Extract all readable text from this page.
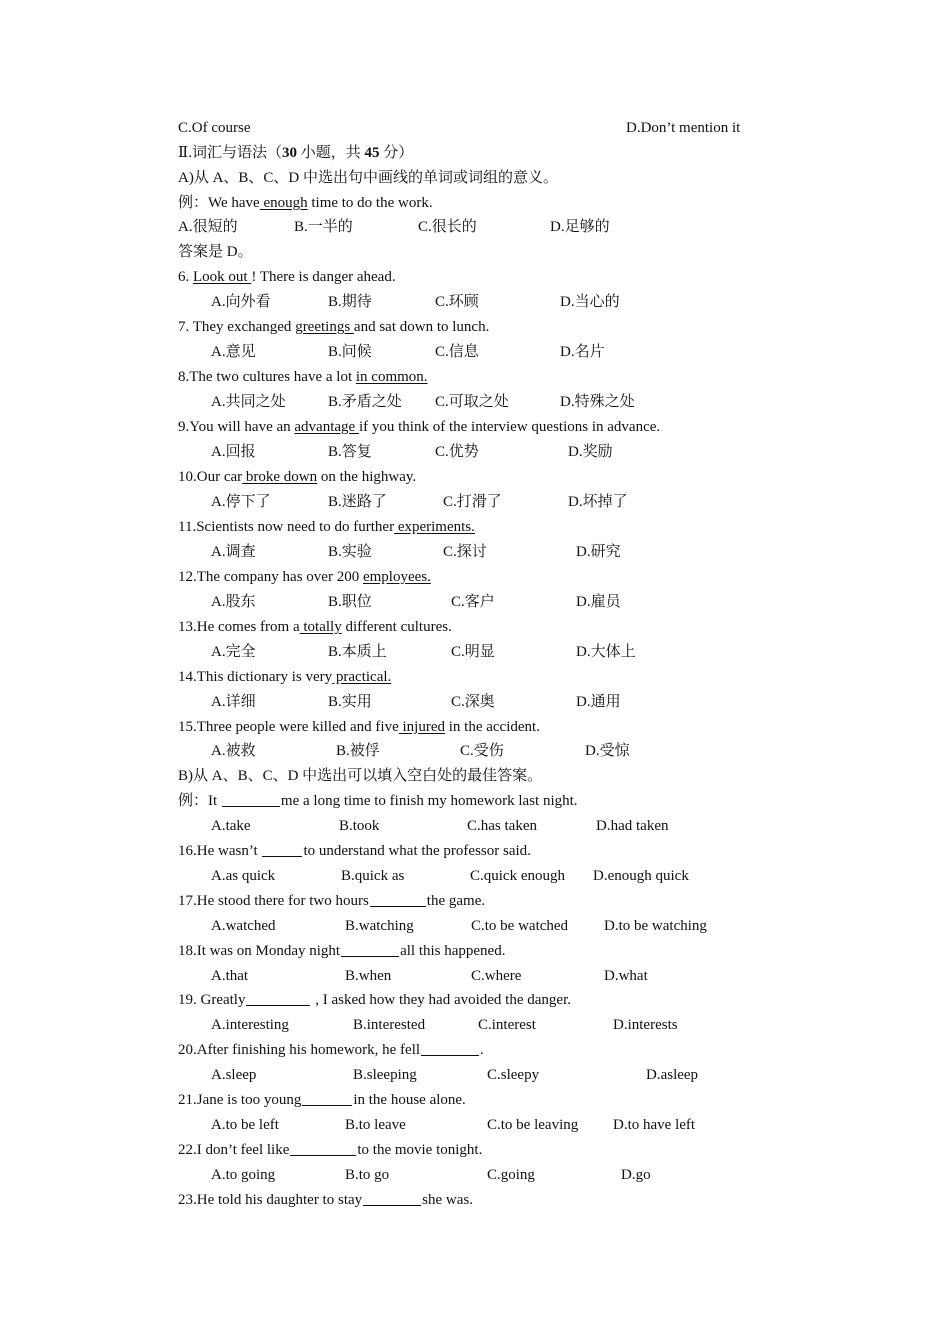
C.Of course	D.Don’t mention it
Ⅱ.词汇与语法（30 小题，共 45 分）
A)从 A、B、C、D 中选出句中画线的单词或词组的意义。
例：We have enough time to do the work.
A.很短的	B.一半的	C.很长的	D.足够的
答案是 D。
6. Look out ! There is danger ahead.
A.向外看	B.期待	C.环顾	D.当心的
7. They exchanged greetings and sat down to lunch.
A.意见	B.问候	C.信息	D.名片
8.The two cultures have a lot in common.
A.共同之处	B.矛盾之处 C.可取之处	D.特殊之处
9.You will have an advantage if you think of the interview questions in advance.
A.回报	B.答复	C.优势	D.奖励
10.Our car broke down on the highway.
A.停下了	B.迷路了	C.打滑了	D.坏掉了
11.Scientists now need to do further experiments.
A.调查	B.实验	C.探讨	D.研究
12.The company has over 200 employees.
A.股东	B.职位	C.客户	D.雇员
13.He comes from a totally different cultures.
A.完全	B.本质上	C.明显	D.大体上
14.This dictionary is very practical.
A.详细	B.实用	C.深奥	D.通用
15.Three people were killed and five injured in the accident.
A.被救	B.被俘	C.受伤	D.受惊
B)从 A、B、C、D 中选出可以填入空白处的最佳答案。
例：It	me a long time to finish my homework last night.
A.take	B.took	C.has taken	D.had taken
16.He wasn’t	to understand what the professor said.
A.as quick	B.quick as	C.quick enough D.enough quick
17.He stood there for two hours	the game.
A.watched	B.watching	C.to be watched D.to be watching
18.It was on Monday night	all this happened.
A.that	B.when	C.where	D.what
19. Greatly	, I asked how they had avoided the danger.
A.interesting	B.interested	C.interest	D.interests
20.After finishing his homework, he fell	.
A.sleep	B.sleeping	C.sleepy	D.asleep
21.Jane is too young	in the house alone.
A.to be left	B.to leave	C.to be leaving D.to have left
22.I don’t feel like	to the movie tonight.
A.to going	B.to go	C.going	D.go
23.He told his daughter to stay	she was.
